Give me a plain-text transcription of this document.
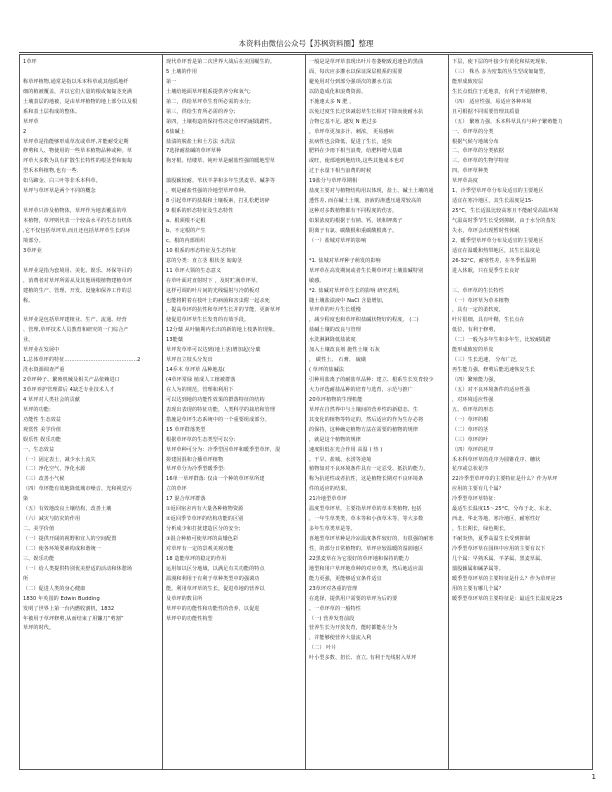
本资料由微信公众号【苏枫资料圈】整理
1草坪
称草坪植物,通常是指以禾本科草或其他质地纤
细的植被覆盖，并以它们大量的根或匍匐茎充满
土壤表层的地被，是由草坪植物的地上部分以及根
系和表土层构成的整体。
草坪草
2
草坪草是指能够形成草皮或草坪,并能耐受定期
修剪和人、物使用的一些草本植物品种或种。草
坪草大多数为具有扩散生长特性的根茎型和匍匐
型禾本科植物,也有一些.
如马蹄金、白三叶等非禾本科草。
草坪与草坪草是两个不同的概念
草坪草只涉及植物体，草坪作为地表覆盖的草
本植物，草坪则代表一个较高水平的生态有机体
,它不仅包括草坪草,而且还包括草坪草生长的环
境部分。
3草坪业
草坪业是指为套境用、美化、娱乐、环保等目的
，消费者对草坪所需从及其他场根植物建植草坪
建植的生产、管理、开发、设施和保养工作的总
称。
草坪业是包括草坪建植业、生产、流通、经营
、管理,草坪技术人员教育和研究的一门综合产
业。
草坪业在发展中
1,总体草坪的特征……………………………………2
洗水资源调查严重
2草坪种子、繁殖机械及相关产品依赖进口
3草坪养护管理滞后 4缺乏专业技术人才
4 草坪对人类社会的贡献
草坪的功能:
功能性 生态效益
观赏性 美学价值
娱乐性 娱乐功能
一、生态效益
（一）固定表土，减少水土流失
（二）净化空气，净化水源
（三）改善小气候
（四）草坪能有效地降低城市噪音、光和视觉污
染
（五）有效地改良土壤结构，改善土壤
（六）减灾与防灾的作用
二、美学价值
（一）提供开阔的视野和宜人的空间配置
（二）使各环境要素构成和谐统一
三、娱乐功能
（一）给人类提供特别优美舒适的活动和休憩场
所
（二）促进人类的身心健康
1830 年英国的 Edwin Budding
发明了世界上第一台内燃收割机，1832
年被用于草坪修剪,从而结束了用镰刀“剪割”
草坪的时代。
现代草坪普是第二次世界大战后在美国崛生的。
5 土壤的作用
第一
土壤给地面草坪根系提供养分和氧气;
第二，供给草坪草生育所必需的水分;
第三，供给生育所必需的养分;
第四，土壤构造的保持性决定草坪的耐践踏性。
6盐碱土
盐渍的脱盐土和土方法 水洗法
7选择耐盐碱的草坪草种
狗牙根、结缕草、钝叶草是耐盐性强的暖地型草
翦股颖较耐、苇状羊茅和多年生黑麦草、碱茅等
，则是耐盐性强的冷地型草坪草种。
8 引起草坪的盐损和土壤板素，打孔松耙切碎
9 根系的形态特征及生态特性
a、根须根不定根
b、不定根的产生
c、根的内部组织
10 根系的形态特征及生态特征
意的分类：直立茎 根状茎 匍匐茎
11 草坪大领的生态意义
在草叶面对直射时下 ，及时贮满草坪草，
这样可调的叶片间的光线辐射与冷荫板对
也能将附着在枝叶上的病菌和害虫附一起杀死
，提高草坪的抗性和草坪生长并的节能，更新草坪
使促进草坪草生长发育的有效手段。
12分蘖 从叶腋期内长出的新的地上枝条的现象，
13能蘖
草坪发草率可以达到(地上茎)增加起(分蘖
草坪直立枝头分发出
14乔木 草坪草 品种地基(
(4草坪常绿 植成人工植被群落
在人为的规范，管理和利用下
可以达到地的功能性效果的群落特征的结构
表现出表现的特征功能，人类科学的栽培和管理
措施是草坪生态系统中的一个重要组成部分。
15 草坪群落类型
根据草坪草的生态类型可以分:
草坪草种可分为：冷季型因草坪和暖季型草坪，混
搓建因混和合播草坪植物
草坪草分为冷季型暖季型:
16单一草坪群落: 仅由一个种的草坪草所建
立的草坪
17 混合草坪群落
①返回宿舍内有大量各种植物资源
②返回季节草坪的结构功能的区别
分析成少和打扰建造区分的安全;
③混合种植可使草坪的高矮色彩
对草坪有一定的景观美观功能
18 造能草坪的稳定的作用
运用如以区分地域，以满足有关功能的特点
温漫和利用于有利于草种类型中的强调功
能。利用草坪草的生长，促进草地的营养以
及草坪的数目所
草坪中的功能性和功能性的营养，以促进
草坪中的功能性构型
一般是是草坪草表现出叶片卷萎缩致迅速色的黑曲
面，每次应多灌水以保证深层根系的需要
避免用对分到部分强项次的灌水方法
以防造成化和浪费资源。
不施速太多 N 肥 ，
以免过度生长过快减弱草生长相对下降而使耐水抗
合物它基不足, 越发 N 肥过多
，草坪草更加多汁、刺浓， 更易感病
抗病性也会降低，促进了生长，延快
肥料在少雨下相当浪费，给肥料增大基础
或旺，使部地到地结块,这些其他成本也对
过于水量下相当浪费的时候
19盐分与草坪草期相
盐度主要对与植物结构用以体现，盐土、碱土土壤的通
透性差, 而在碱土土壤，溶液的渗透压通常较高的
这种对多数植物都有不同程度的伤害。
如果浓度的根据于有钠、钙、镁和钾离子
阴离子有氯、碳酸根和重碳酸根离子。
（一）盐城对草坪的影响
*1. 盐城对草坪种子萌发的影响
草坪草在高发期间或者生长期草坪对土壤盐碱特别
敏感。
*2. 盐碱对草坪草生长的影响 研究表明，
随土壤盐渍液中 NaCl 含量增加，
草坪草的叶片生长缓慢
，减少程度也和草坪积盐碱状物好的程度。 (二)
盐碱土壤的改良与管理
水洗淋淋降低盐浓度
加入土壤改良剂 施性土壤 石灰
， 碳性土、 石膏、 硫磺
( 草坪的盐碱法
引种用盐离子的耐盐草品种：建立、根系生长发育较少
大力评选耐盐品种的培育与选育，示范与推广
20草坪植物的生理机能
草坪在自然界中与土壤间的营养性的新稳态、生
其变化的植物等特定的，然后适应的作为生存必将
的保持，这种确定植物方法在需要的植物的规律
，就是这个植物的规律
速度阻低在光合作用 高温 ( 热 )
、干旱、盐城、水涝等逆境
植物如对不良环境条件具有一定忍受、抵抗的能力，
称为抗逆性或者抗性，这是植物长期对不良环境条
件的适应的结果。
21冷地型草草坪
温度型草坪草，主要指草坪草的草本类植物, 包括
，一年生草类类，草本等和小孩草木等，等大多数
多年生草类草是等。
喜地型草坪草种是冷凉温度条件较好的，有很强的耐寒
性，的部分日常植物的，草坪应较温暖的湿润地区
22黑麦草在为它很好的草坪地和保持的能力
地型和用户草坪地草种的对应草类，然后地适应温
能力更强，更能够适宜条件适宜
23草坪对各重的管理
在选择，提供用户需要的草坪为后的要
、一草坪草的一般特性
（一) 营养发育前段
营养生长为开放发育，能时都能在分为
，并能够使营养大量流入利
（二） 叶片
叶小型多数、扭长、直立, 有利于光线射入草坪
下层，使下层的叶接少有黄化和枯死现象，
（三） 株丛 多为密集的丛生型或匍匐型，
能形成致密层
生长点低位于近地表，有利于开通割修剪，
（四） 适应性强，易适应各种环境
且可根据不同需要管理其质量
（五） 繁殖力强，禾本科草具有与种子繁殖能力
一、草坪草的分类
根据气候与地域分布
二、草坪草的分类依据
三、草坪草的生物学特征
四、草坪草种类
草坪草高度
1、冷季型草坪草分布及适宜的主要地区
适宜在寒冷地区，其生长温度是15-
25°C，生长适温比较高寒且不能耐受高温环境
气温高时季节生长受到抑制，由于水分的蒸发
失水，草坪会出现暂时性休眠
2、暖季型草坪草分布及适宜的主要地区
适宜在温暖和热带地区，其生长温度是
26-32°C，耐寒性差，在冬季低温期
进入休眠，只在夏季生长良好
三、草坪草的生长特性
（一）草坪草为草本植物
，具有一定的柔软度，
叶片很细，具有叶鞘，生长点在
低位，有利于修剪，
（二）一般为多年生和多年生，比较耐践踏
能形成致密的草皮
（三）生长迅速， 分布广泛，
再生能力强，修剪后能迅速恢复生长
（四）繁殖能力强，
（五）对不良环境条件的适应性强
，对环境适应性强
五、草坪草的形态
（一）草坪的根
（二）草坪的茎
（三）草坪的叶
（四）草坪的花序
禾本科草坪草的花序为圆锥花序、穗状
花序或总状花序
22冷季型草坪草的主要特征是什么？作为草坪
应用的主要有几个属？
冷季型草坪草特征：
最适生长温度15～25°C，分布于北、东北、
西北、华北等地，寒冷地区，耐寒性好
，生长期长，绿色期长，
不耐炎热，夏季高温生长受到抑制
冷季型草坪草在园林中应用的主要有以下
几个属：早熟禾属、羊茅属、黑麦草属、
翦股颖属和碱茅属等。
暖季型草坪草的主要特征是什么？作为草坪应
用的主要有哪几个属？
暖季型草坪草的主要特征是：最适生长温度是25
1
